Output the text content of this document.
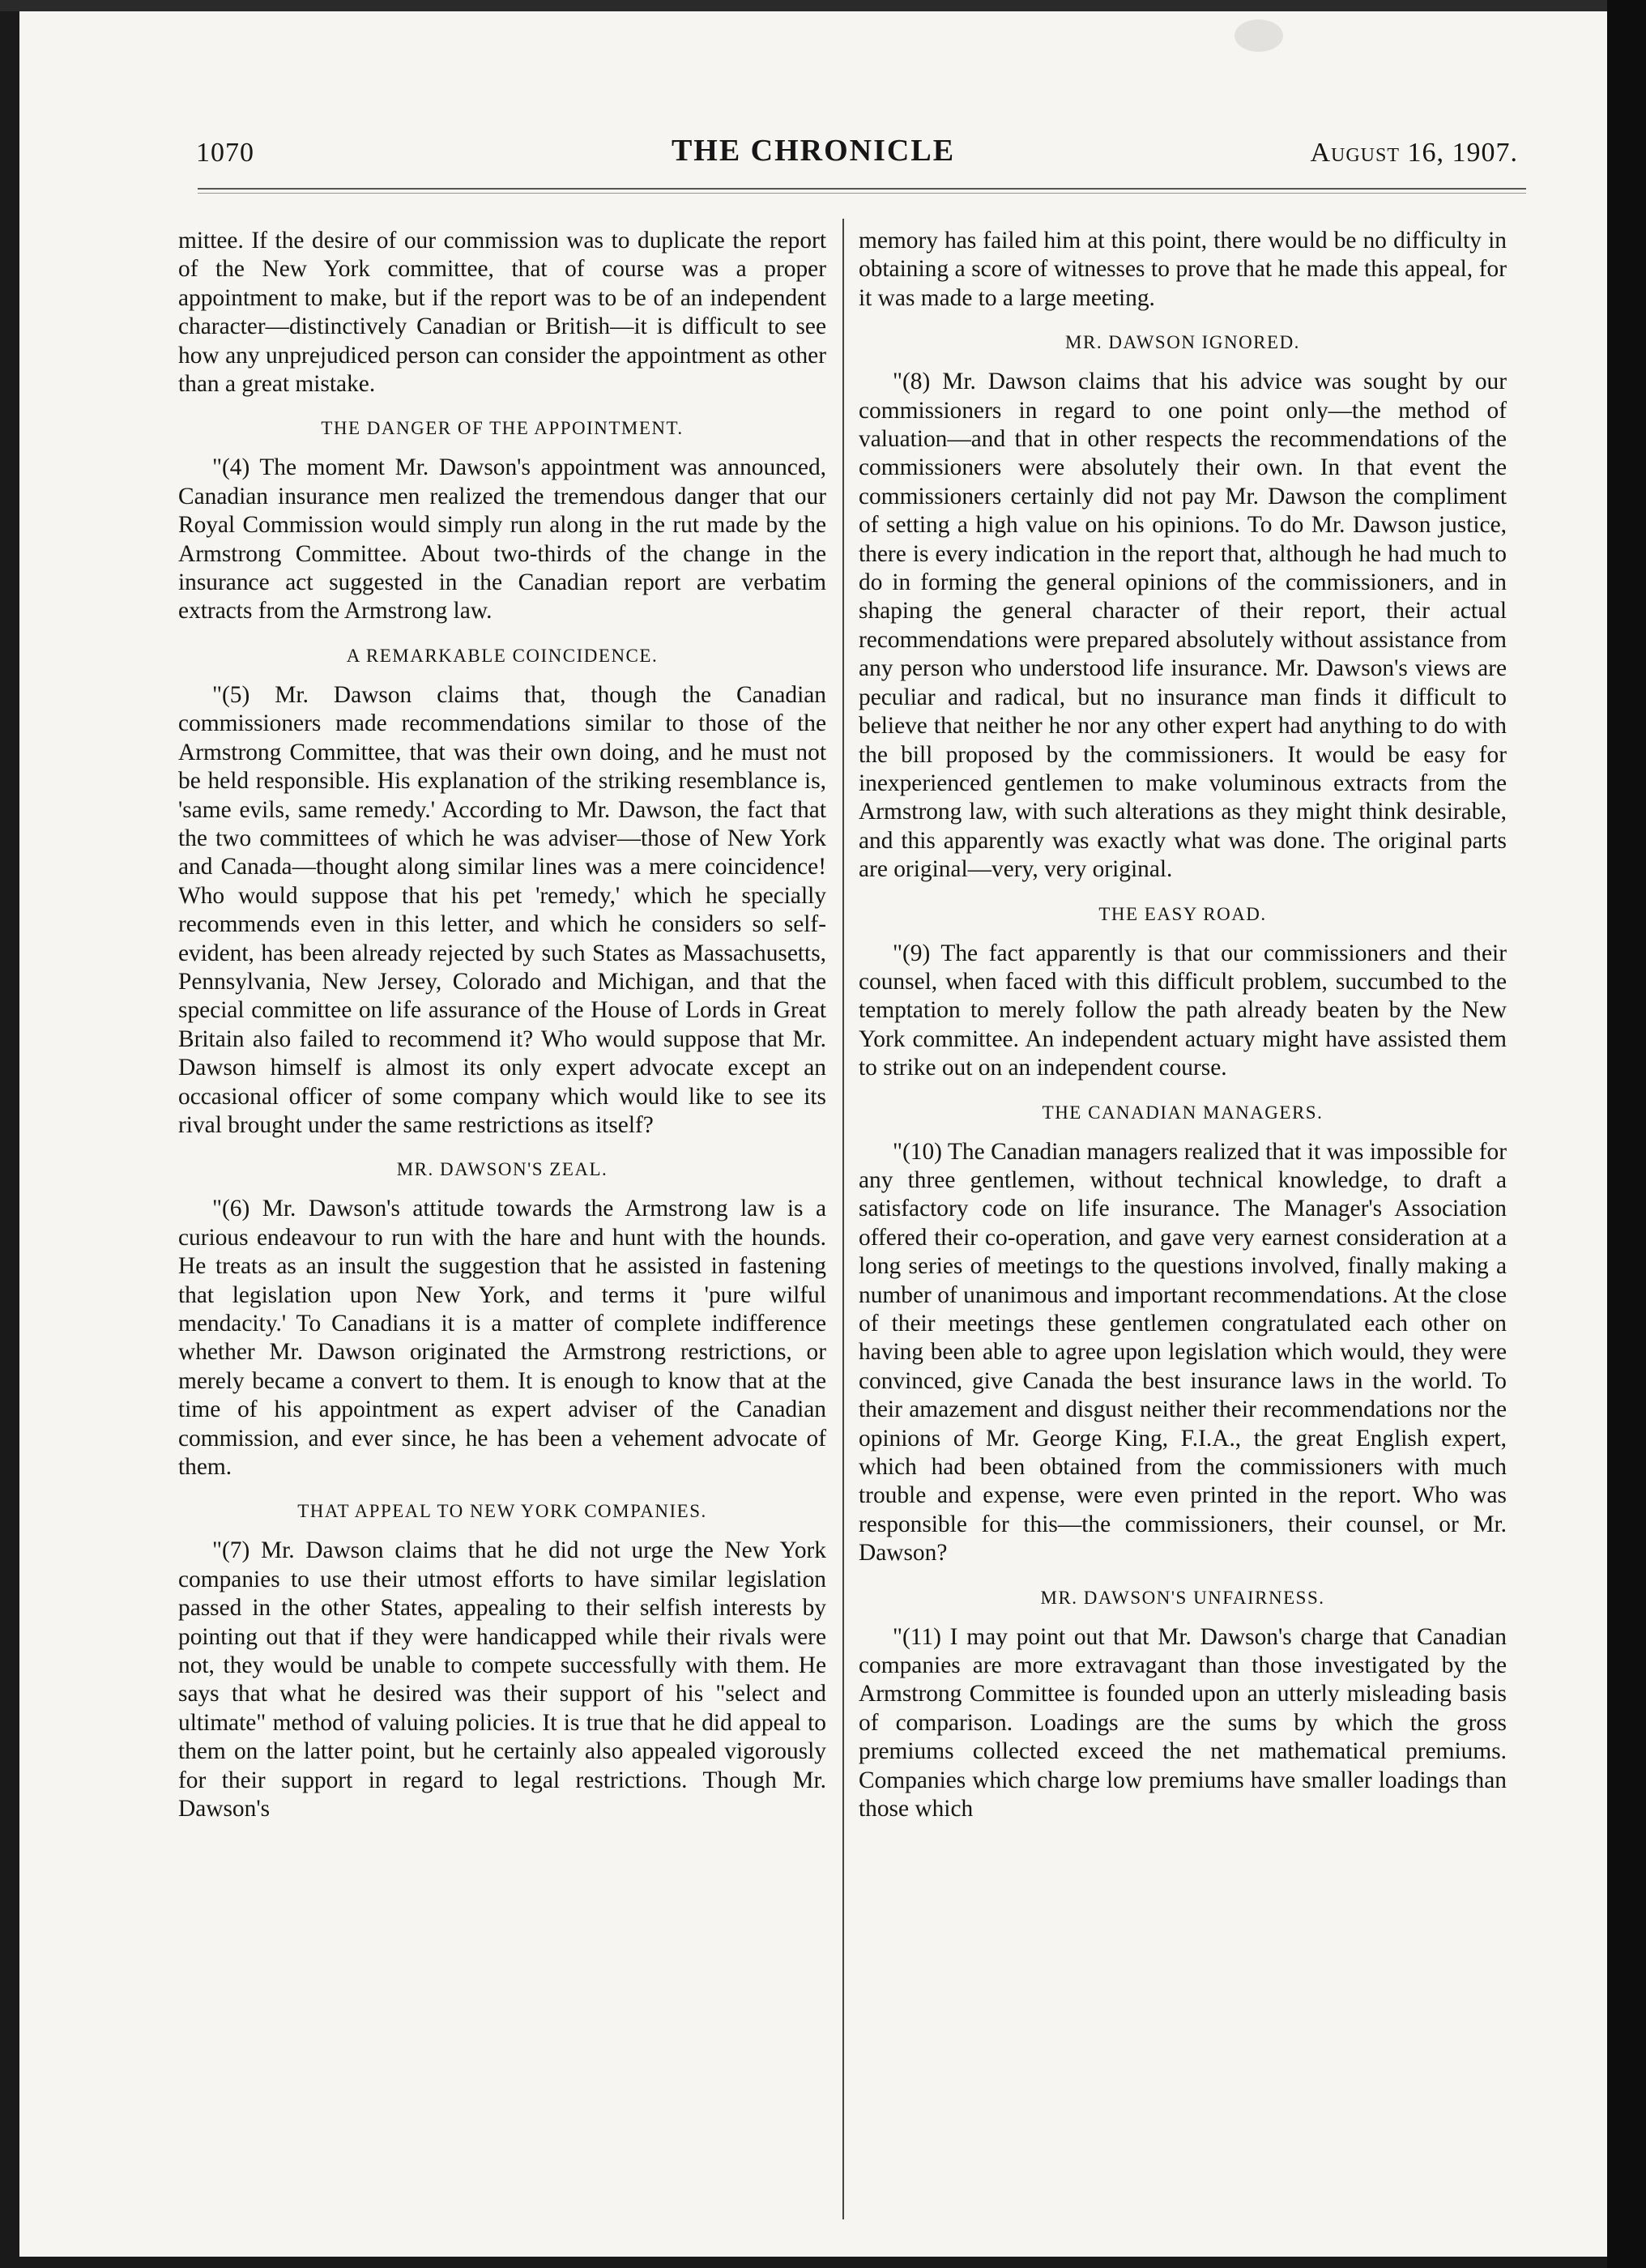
1070	THE CHRONICLE	August 16, 1907.

mittee. If the desire of our commission was to duplicate the report of the New York committee, that of course was a proper appointment to make, but if the report was to be of an independent character—distinctively Canadian or British—it is difficult to see how any unprejudiced person can consider the appointment as other than a great mistake.

THE DANGER OF THE APPOINTMENT.

"(4) The moment Mr. Dawson's appointment was announced, Canadian insurance men realized the tremendous danger that our Royal Commission would simply run along in the rut made by the Armstrong Committee. About two-thirds of the change in the insurance act suggested in the Canadian report are verbatim extracts from the Armstrong law.

A REMARKABLE COINCIDENCE.

"(5) Mr. Dawson claims that, though the Canadian commissioners made recommendations similar to those of the Armstrong Committee, that was their own doing, and he must not be held responsible. His explanation of the striking resemblance is, 'same evils, same remedy.' According to Mr. Dawson, the fact that the two committees of which he was adviser—those of New York and Canada—thought along similar lines was a mere coincidence! Who would suppose that his pet 'remedy,' which he specially recommends even in this letter, and which he considers so self-evident, has been already rejected by such States as Massachusetts, Pennsylvania, New Jersey, Colorado and Michigan, and that the special committee on life assurance of the House of Lords in Great Britain also failed to recommend it? Who would suppose that Mr. Dawson himself is almost its only expert advocate except an occasional officer of some company which would like to see its rival brought under the same restrictions as itself?

MR. DAWSON'S ZEAL.

"(6) Mr. Dawson's attitude towards the Armstrong law is a curious endeavour to run with the hare and hunt with the hounds. He treats as an insult the suggestion that he assisted in fastening that legislation upon New York, and terms it 'pure wilful mendacity.' To Canadians it is a matter of complete indifference whether Mr. Dawson originated the Armstrong restrictions, or merely became a convert to them. It is enough to know that at the time of his appointment as expert adviser of the Canadian commission, and ever since, he has been a vehement advocate of them.

THAT APPEAL TO NEW YORK COMPANIES.

"(7) Mr. Dawson claims that he did not urge the New York companies to use their utmost efforts to have similar legislation passed in the other States, appealing to their selfish interests by pointing out that if they were handicapped while their rivals were not, they would be unable to compete successfully with them. He says that what he desired was their support of his "select and ultimate" method of valuing policies. It is true that he did appeal to them on the latter point, but he certainly also appealed vigorously for their support in regard to legal restrictions. Though Mr. Dawson's

memory has failed him at this point, there would be no difficulty in obtaining a score of witnesses to prove that he made this appeal, for it was made to a large meeting.

MR. DAWSON IGNORED.

"(8) Mr. Dawson claims that his advice was sought by our commissioners in regard to one point only—the method of valuation—and that in other respects the recommendations of the commissioners were absolutely their own. In that event the commissioners certainly did not pay Mr. Dawson the compliment of setting a high value on his opinions. To do Mr. Dawson justice, there is every indication in the report that, although he had much to do in forming the general opinions of the commissioners, and in shaping the general character of their report, their actual recommendations were prepared absolutely without assistance from any person who understood life insurance. Mr. Dawson's views are peculiar and radical, but no insurance man finds it difficult to believe that neither he nor any other expert had anything to do with the bill proposed by the commissioners. It would be easy for inexperienced gentlemen to make voluminous extracts from the Armstrong law, with such alterations as they might think desirable, and this apparently was exactly what was done. The original parts are original—very, very original.

THE EASY ROAD.

"(9) The fact apparently is that our commissioners and their counsel, when faced with this difficult problem, succumbed to the temptation to merely follow the path already beaten by the New York committee. An independent actuary might have assisted them to strike out on an independent course.

THE CANADIAN MANAGERS.

"(10) The Canadian managers realized that it was impossible for any three gentlemen, without technical knowledge, to draft a satisfactory code on life insurance. The Manager's Association offered their co-operation, and gave very earnest consideration at a long series of meetings to the questions involved, finally making a number of unanimous and important recommendations. At the close of their meetings these gentlemen congratulated each other on having been able to agree upon legislation which would, they were convinced, give Canada the best insurance laws in the world. To their amazement and disgust neither their recommendations nor the opinions of Mr. George King, F.I.A., the great English expert, which had been obtained from the commissioners with much trouble and expense, were even printed in the report. Who was responsible for this—the commissioners, their counsel, or Mr. Dawson?

MR. DAWSON'S UNFAIRNESS.

"(11) I may point out that Mr. Dawson's charge that Canadian companies are more extravagant than those investigated by the Armstrong Committee is founded upon an utterly misleading basis of comparison. Loadings are the sums by which the gross premiums collected exceed the net mathematical premiums. Companies which charge low premiums have smaller loadings than those which
